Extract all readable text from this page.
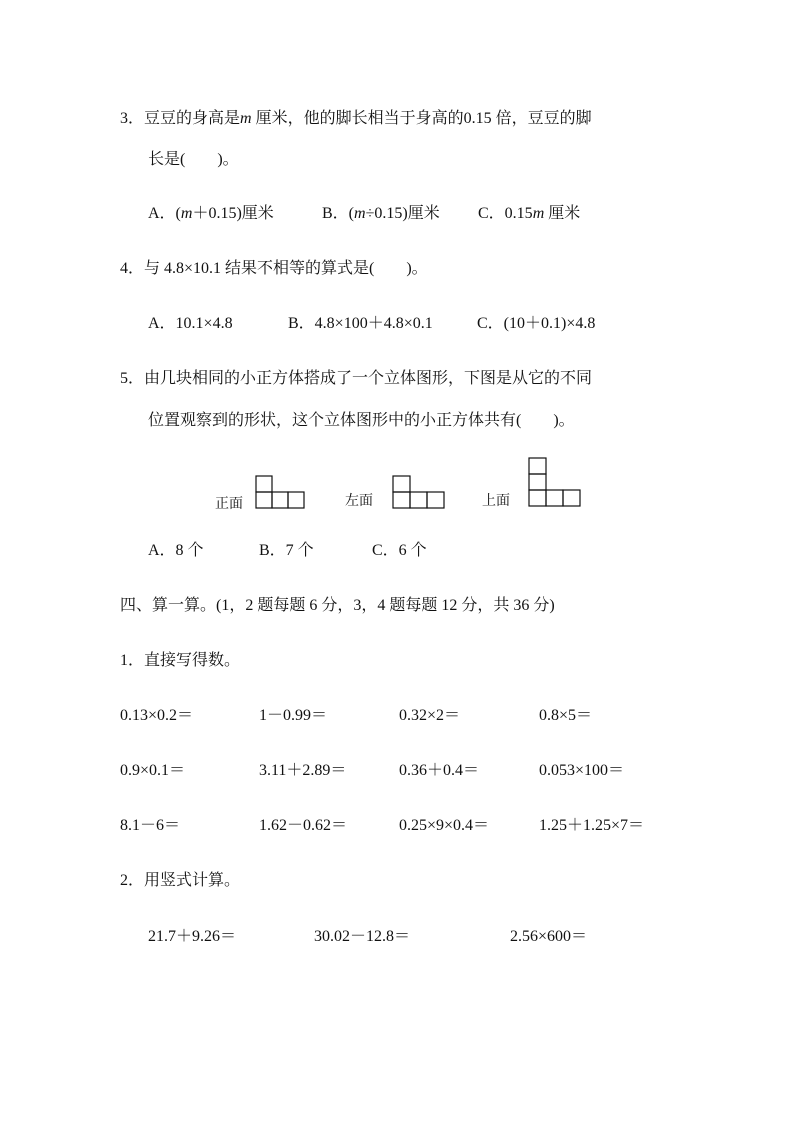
3．豆豆的身高是m 厘米，他的脚长相当于身高的0.15 倍，豆豆的脚
长是(　　)。
A．(m＋0.15)厘米	B．(m÷0.15)厘米 C．0.15m 厘米
4．与 4.8×10.1 结果不相等的算式是(　　)。
A．10.1×4.8	B．4.8×100＋4.8×0.1	C．(10＋0.1)×4.8
5．由几块相同的小正方体搭成了一个立体图形，下图是从它的不同
位置观察到的形状，这个立体图形中的小正方体共有(　　)。
正面	左面	上面
A．8 个	B．7 个	C．6 个
四、算一算。(1，2 题每题 6 分，3，4 题每题 12 分，共 36 分)
1．直接写得数。
0.13×0.2＝	1－0.99＝	0.32×2＝	0.8×5＝
0.9×0.1＝	3.11＋2.89＝	0.36＋0.4＝	0.053×100＝
8.1－6＝	1.62－0.62＝	0.25×9×0.4＝	1.25＋1.25×7＝
2．用竖式计算。
21.7＋9.26＝	30.02－12.8＝	2.56×600＝
